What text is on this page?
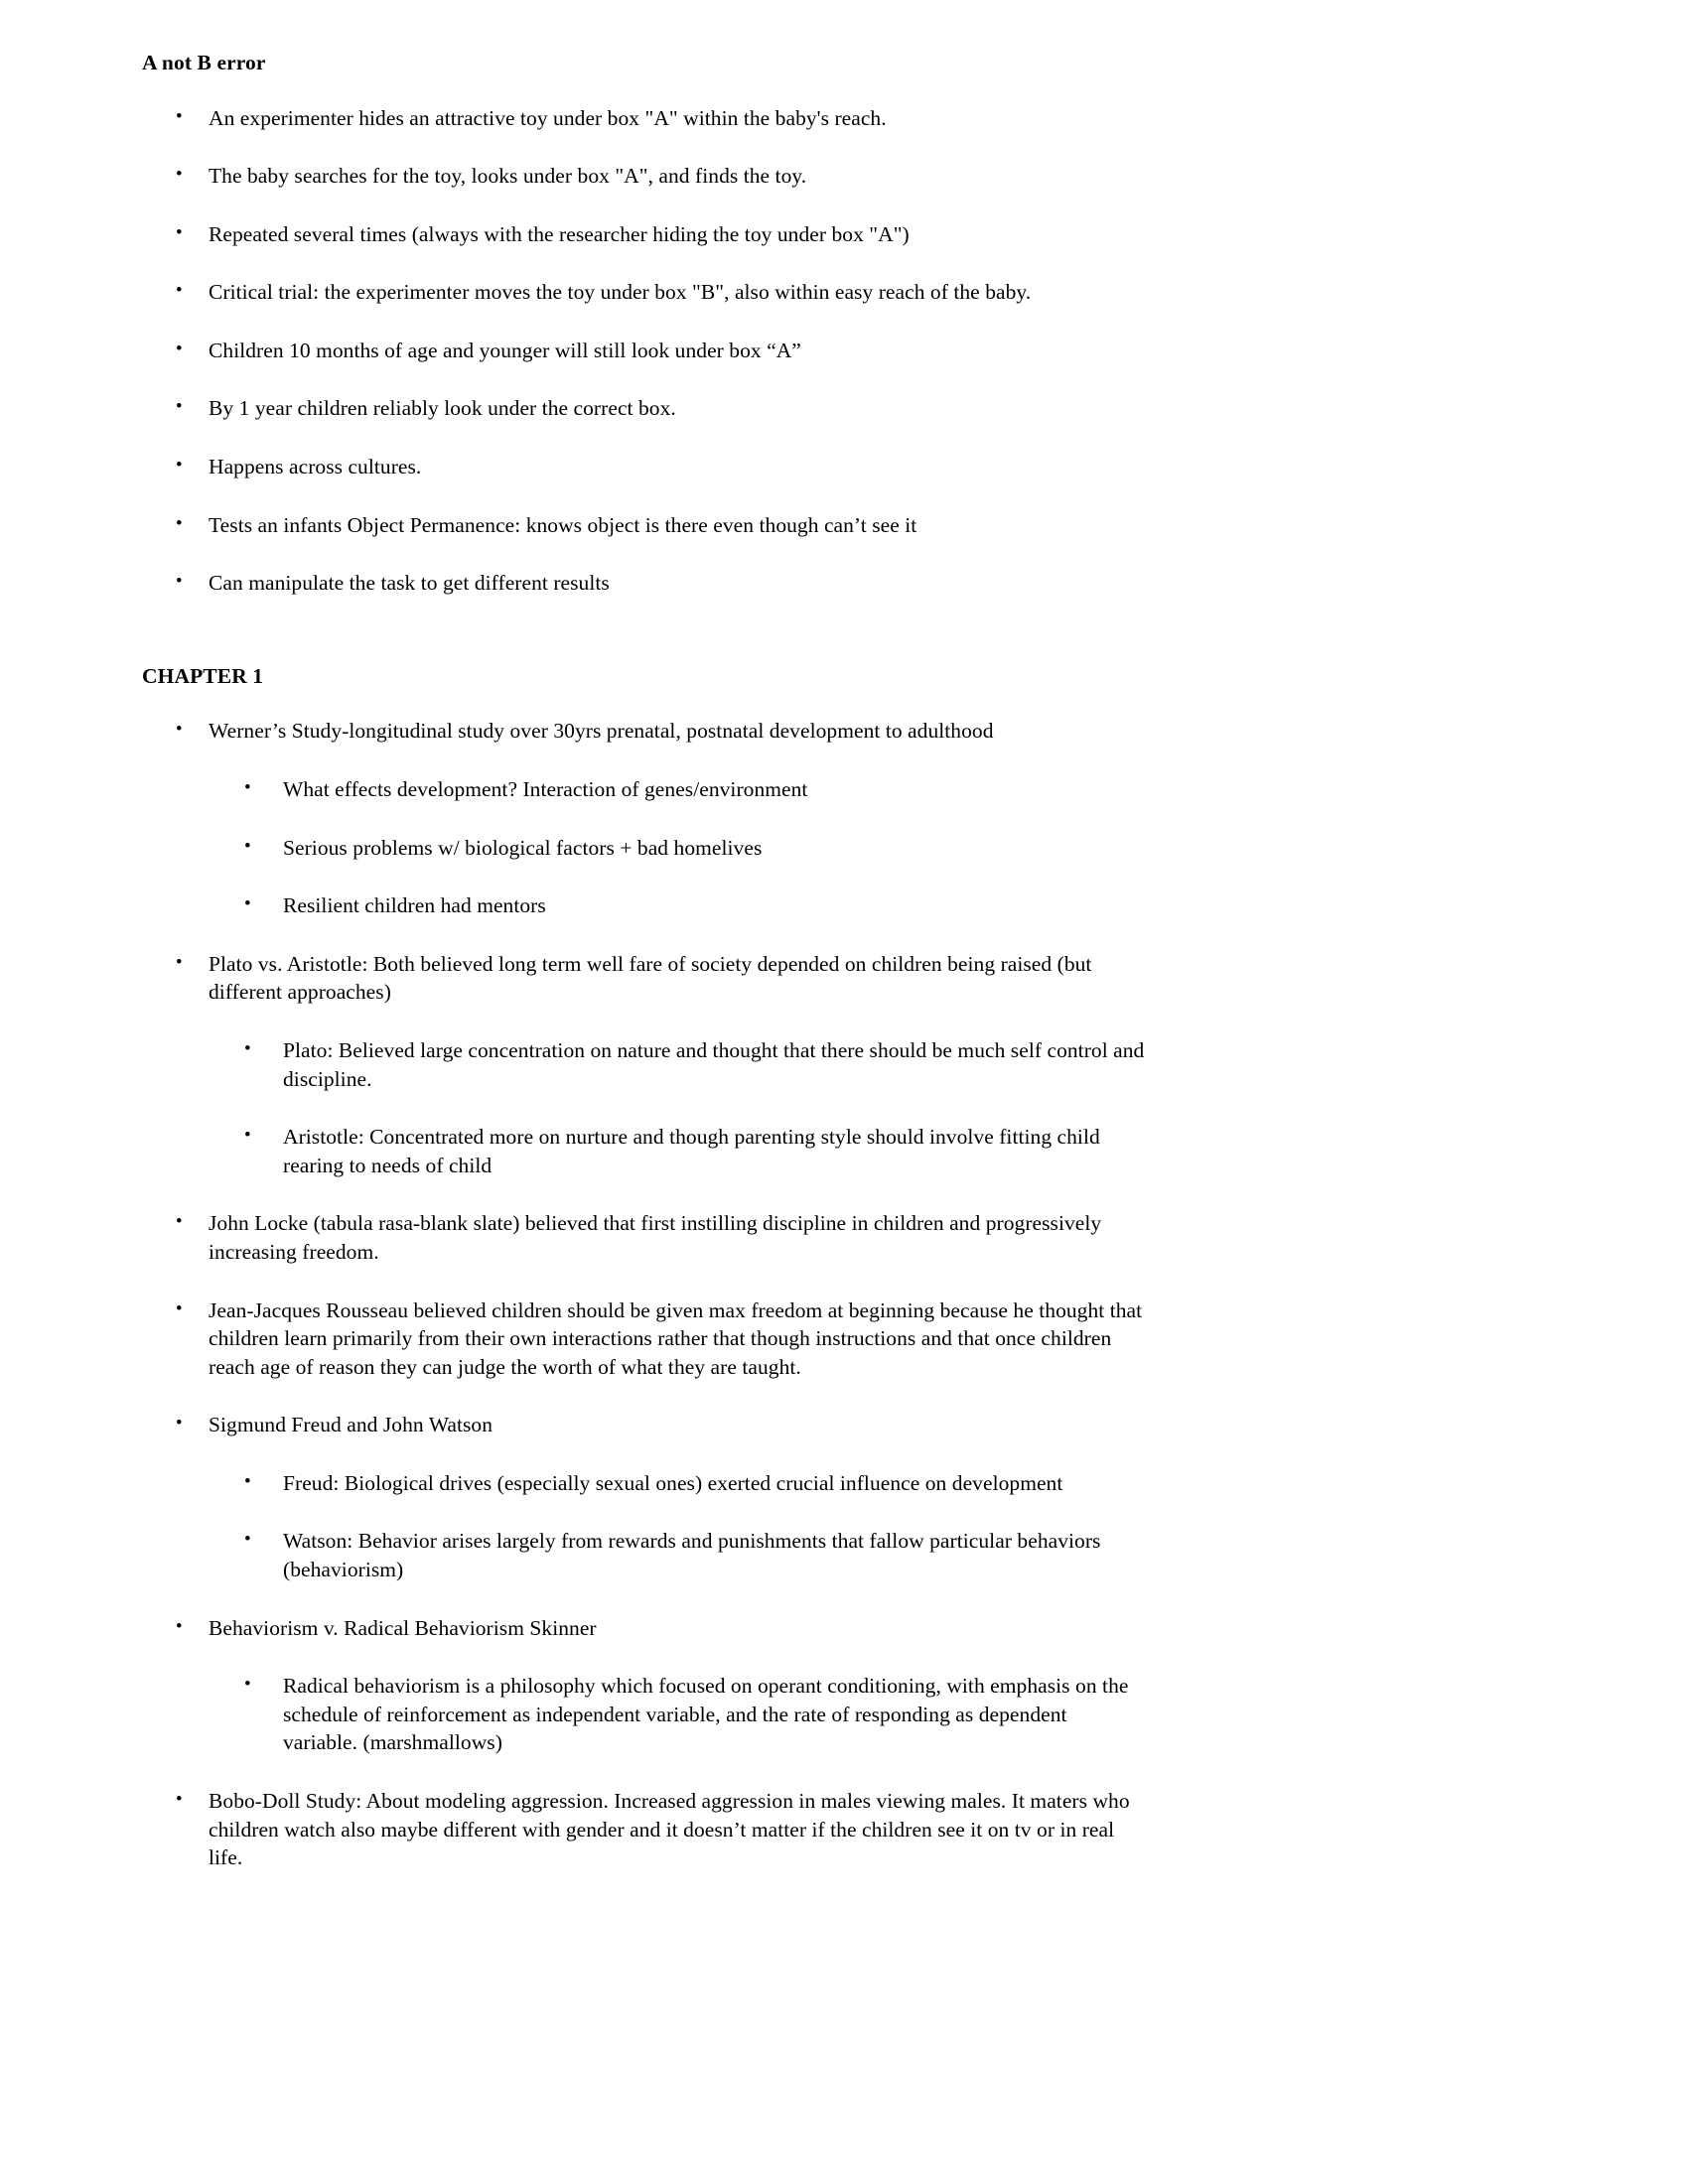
A not B error
• An experimenter hides an attractive toy under box "A" within the baby's reach.
• The baby searches for the toy, looks under box "A", and finds the toy.
• Repeated several times (always with the researcher hiding the toy under box "A")
• Critical trial: the experimenter moves the toy under box "B", also within easy reach of the baby.
• Children 10 months of age and younger will still look under box “A”
• By 1 year children reliably look under the correct box.
• Happens across cultures.
• Tests an infants Object Permanence: knows object is there even though can’t see it
• Can manipulate the task to get different results
CHAPTER 1
• Werner’s Study-longitudinal study over 30yrs prenatal, postnatal development to adulthood
• What effects development? Interaction of genes/environment
• Serious problems w/ biological factors + bad homelives
• Resilient children had mentors
• Plato vs. Aristotle: Both believed long term well fare of society depended on children being raised (but different approaches)
• Plato: Believed large concentration on nature and thought that there should be much self control and discipline.
• Aristotle: Concentrated more on nurture and though parenting style should involve fitting child rearing to needs of child
• John Locke (tabula rasa-blank slate) believed that first instilling discipline in children and progressively increasing freedom.
• Jean-Jacques Rousseau believed children should be given max freedom at beginning because he thought that children learn primarily from their own interactions rather that though instructions and that once children reach age of reason they can judge the worth of what they are taught.
• Sigmund Freud and John Watson
• Freud: Biological drives (especially sexual ones) exerted crucial influence on development
• Watson: Behavior arises largely from rewards and punishments that fallow particular behaviors (behaviorism)
• Behaviorism v. Radical Behaviorism Skinner
• Radical behaviorism is a philosophy which focused on operant conditioning, with emphasis on the schedule of reinforcement as independent variable, and the rate of responding as dependent variable. (marshmallows)
• Bobo-Doll Study: About modeling aggression. Increased aggression in males viewing males. It maters who children watch also maybe different with gender and it doesn’t matter if the children see it on tv or in real life.
